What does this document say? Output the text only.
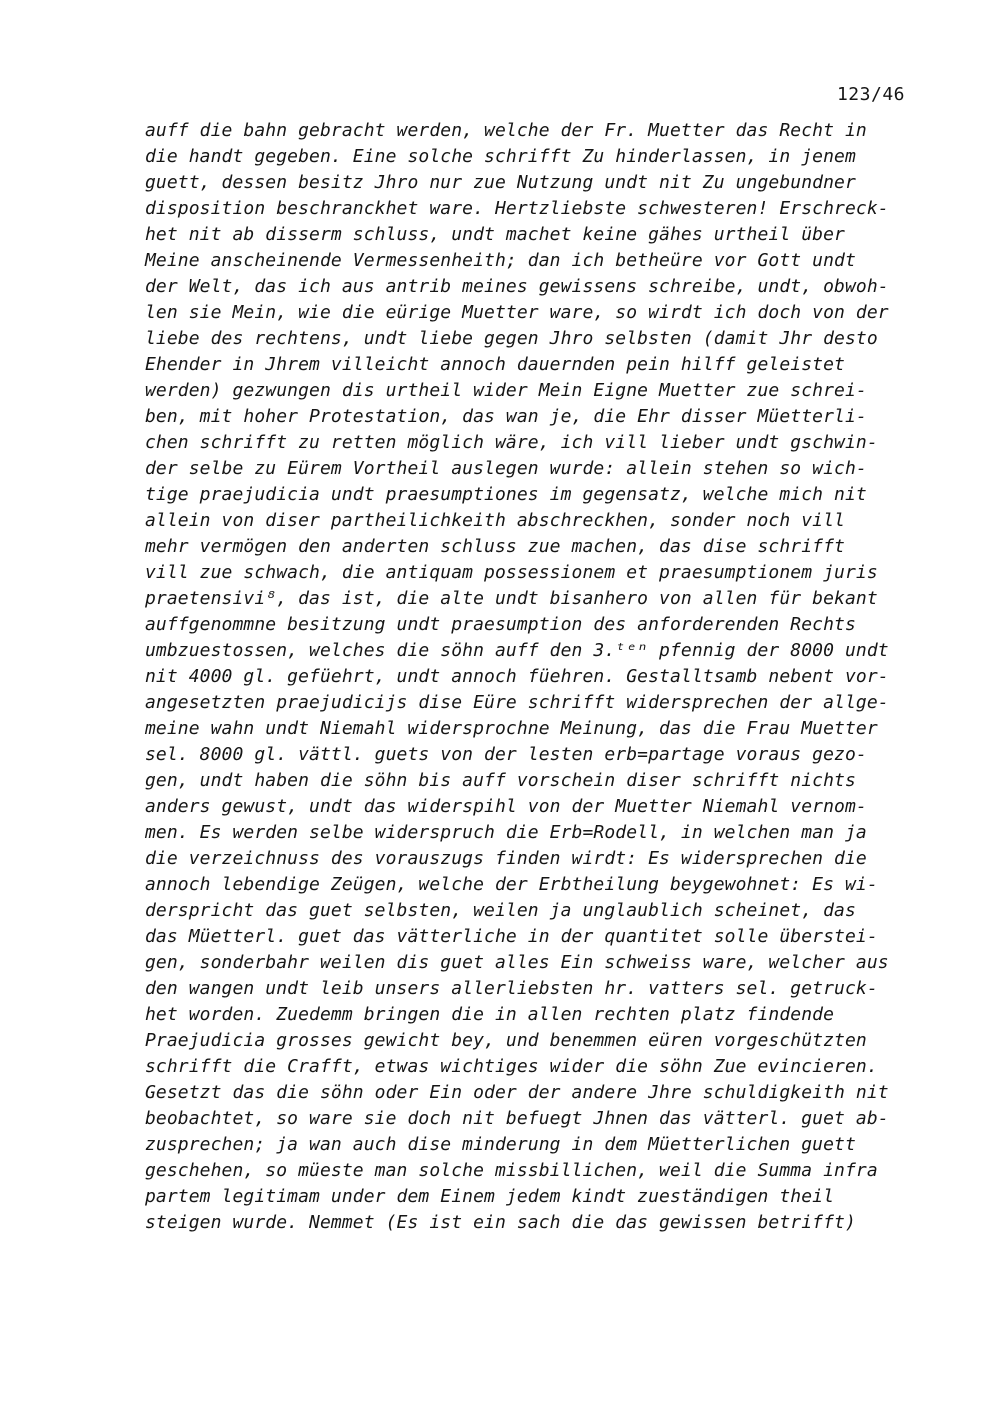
123/46
auff die bahn gebracht werden, welche der Fr. Muetter das Recht in
die handt gegeben. Eine solche schrifft Zu hinderlassen, in jenem
guett, dessen besitz Jhro nur zue Nutzung undt nit Zu ungebundner
disposition beschranckhet ware. Hertzliebste schwesteren! Erschreck-
het nit ab disserm schluss, undt machet keine gähes urtheil über
Meine anscheinende Vermessenheith; dan ich betheüre vor Gott undt
der Welt, das ich aus antrib meines gewissens schreibe, undt, obwoh-
len sie Mein, wie die eürige Muetter ware, so wirdt ich doch von der
liebe des rechtens, undt liebe gegen Jhro selbsten (damit Jhr desto
Ehender in Jhrem villeicht annoch dauernden pein hilff geleistet
werden) gezwungen dis urtheil wider Mein Eigne Muetter zue schrei-
ben, mit hoher Protestation, das wan je, die Ehr disser Müetterli-
chen schrifft zu retten möglich wäre, ich vill lieber undt gschwin-
der selbe zu Eürem Vortheil auslegen wurde: allein stehen so wich-
tige praejudicia undt praesumptiones im gegensatz, welche mich nit
allein von diser partheilichkeith abschreckhen, sonder noch vill
mehr vermögen den anderten schluss zue machen, das dise schrifft
vill zue schwach, die antiquam possessionem et praesumptionem juris
praetensivi⁸, das ist, die alte undt bisanhero von allen für bekant
auffgenommne besitzung undt praesumption des anforderenden Rechts
umbzuestossen, welches die söhn auff den 3.ᵗᵉⁿ pfennig der 8000 undt
nit 4000 gl. gefüehrt, undt annoch füehren. Gestalltsamb nebent vor-
angesetzten praejudicijs dise Eüre schrifft widersprechen der allge-
meine wahn undt Niemahl widersprochne Meinung, das die Frau Muetter
sel. 8000 gl. vättl. guets von der lesten erb=partage voraus gezo-
gen, undt haben die söhn bis auff vorschein diser schrifft nichts
anders gewust, undt das widerspihl von der Muetter Niemahl vernom-
men. Es werden selbe widerspruch die Erb=Rodell, in welchen man ja
die verzeichnuss des vorauszugs finden wirdt: Es widersprechen die
annoch lebendige Zeügen, welche der Erbtheilung beygewohnet: Es wi-
derspricht das guet selbsten, weilen ja unglaublich scheinet, das
das Müetterl. guet das vätterliche in der quantitet solle überstei-
gen, sonderbahr weilen dis guet alles Ein schweiss ware, welcher aus
den wangen undt leib unsers allerliebsten hr. vatters sel. getruck-
het worden. Zuedemm bringen die in allen rechten platz findende
Praejudicia grosses gewicht bey, und benemmen eüren vorgeschützten
schrifft die Crafft, etwas wichtiges wider die söhn Zue evincieren.
Gesetzt das die söhn oder Ein oder der andere Jhre schuldigkeith nit
beobachtet, so ware sie doch nit befuegt Jhnen das vätterl. guet ab-
zusprechen; ja wan auch dise minderung in dem Müetterlichen guett
geschehen, so müeste man solche missbillichen, weil die Summa infra
partem legitimam under dem Einem jedem kindt zueständigen theil
steigen wurde. Nemmet (Es ist ein sach die das gewissen betrifft)
